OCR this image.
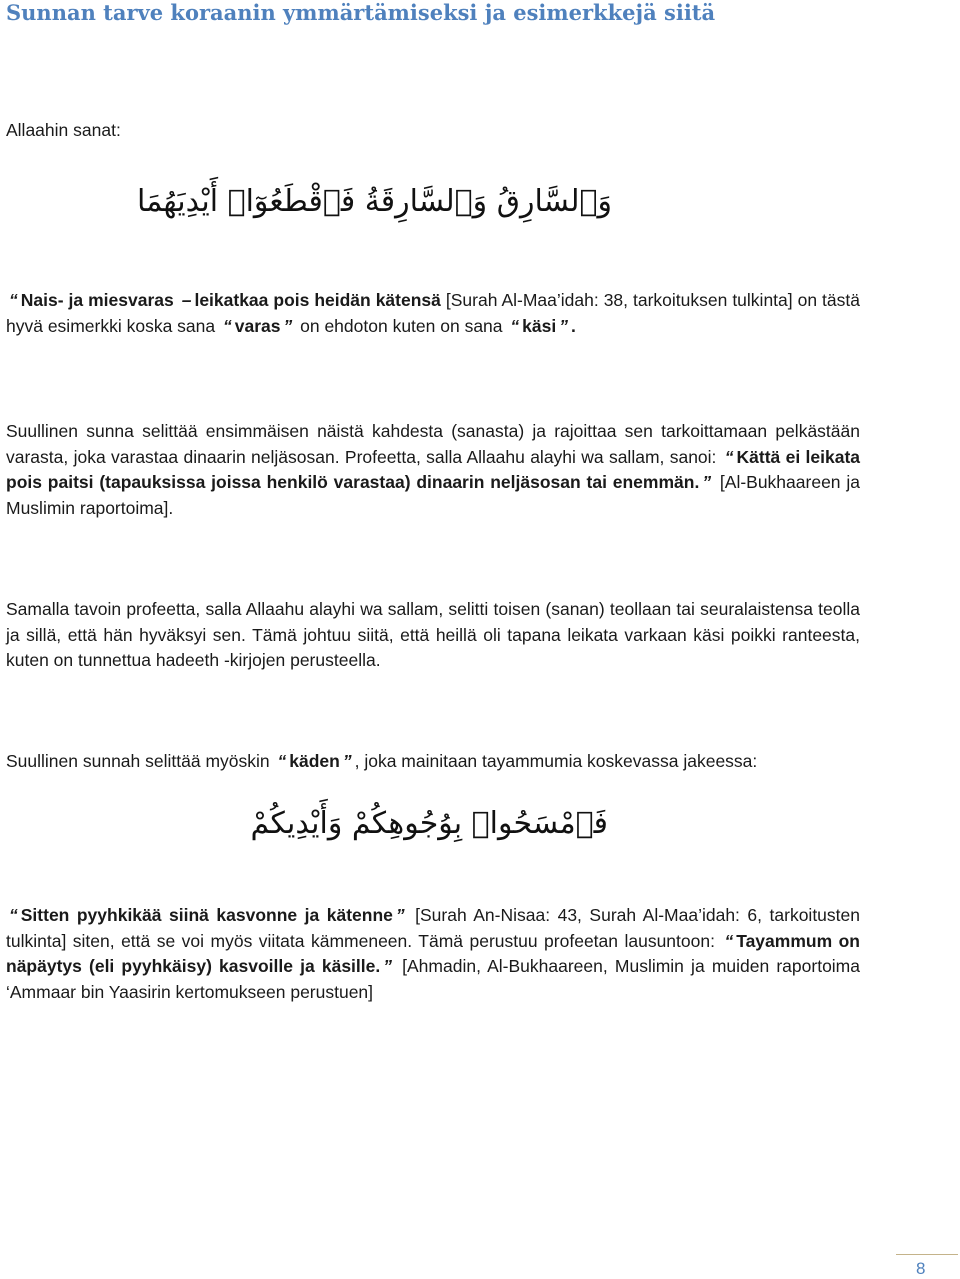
Sunnan tarve koraanin ymmärtämiseksi ja esimerkkejä siitä

Allaahin sanat:

وَٱلسَّارِقُ وَٱلسَّارِقَةُ فَٱقْطَعُوٓا۟ أَيْدِيَهُمَا

“ Nais- ja miesvaras – leikatkaa pois heidän kätensä [Surah Al-Maa’idah: 38, tarkoituksen tulkinta] on tästä hyvä esimerkki koska sana “ varas ” on ehdoton kuten on sana “ käsi ” .

Suullinen sunna selittää ensimmäisen näistä kahdesta (sanasta) ja rajoittaa sen tarkoittamaan pelkästään varasta, joka varastaa dinaarin neljäsosan. Profeetta, salla Allaahu alayhi wa sallam, sanoi: “ Kättä ei leikata pois paitsi (tapauksissa joissa henkilö varastaa) dinaarin neljäsosan tai enemmän. ” [Al-Bukhaareen ja Muslimin raportoima].

Samalla tavoin profeetta, salla Allaahu alayhi wa sallam, selitti toisen (sanan) teollaan tai seuralaistensa teolla ja sillä, että hän hyväksyi sen. Tämä johtuu siitä, että heillä oli tapana leikata varkaan käsi poikki ranteesta, kuten on tunnettua hadeeth -kirjojen perusteella.

Suullinen sunnah selittää myöskin “ käden ” , joka mainitaan tayammumia koskevassa jakeessa:

فَٱمْسَحُوا۟ بِوُجُوهِكُمْ وَأَيْدِيكُمْ

“ Sitten pyyhkikää siinä kasvonne ja kätenne ” [Surah An-Nisaa: 43, Surah Al-Maa’idah: 6, tarkoitusten tulkinta] siten, että se voi myös viitata kämmeneen. Tämä perustuu profeetan lausuntoon: “ Tayammum on näpäytys (eli pyyhkäisy) kasvoille ja käsille. ” [Ahmadin, Al-Bukhaareen, Muslimin ja muiden raportoima ‘Ammaar bin Yaasirin kertomukseen perustuen]

8
